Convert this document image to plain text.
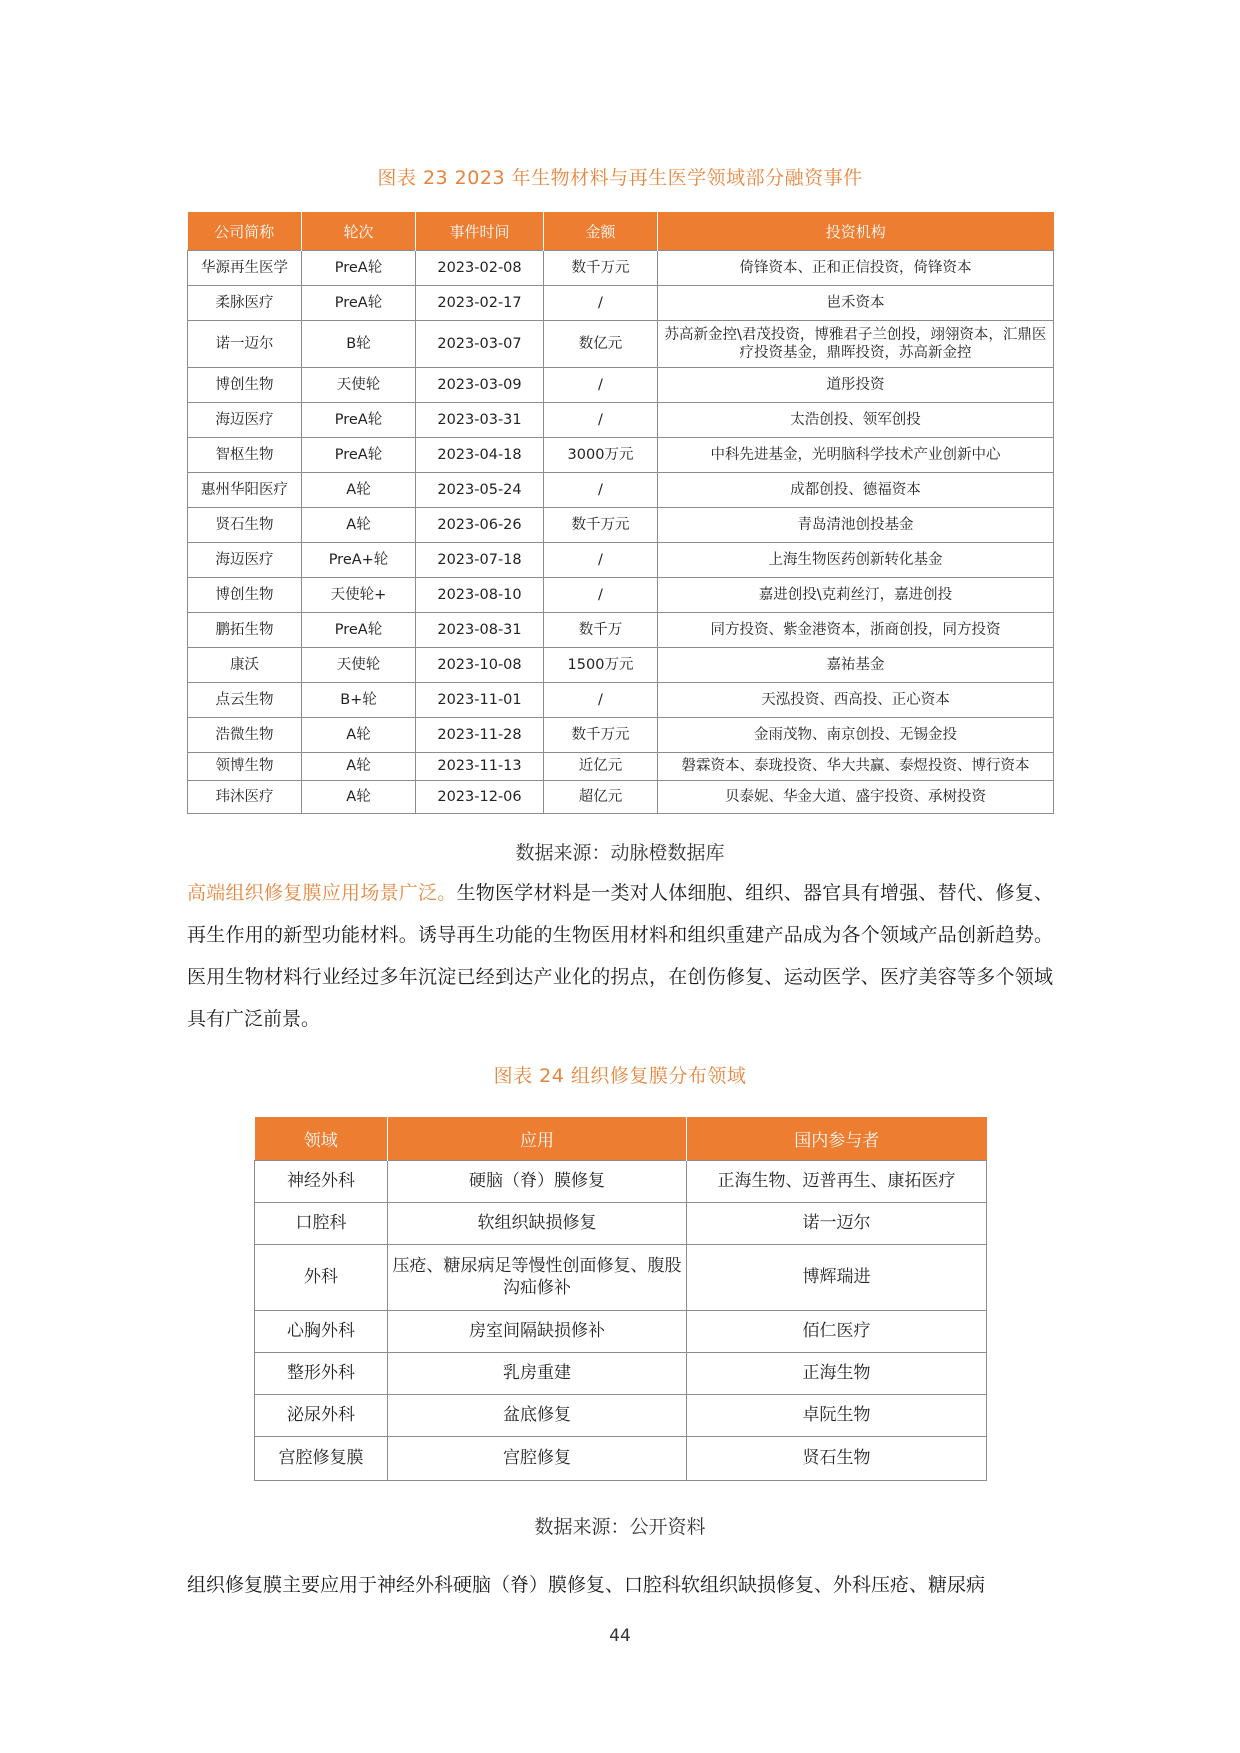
图表 23 2023 年生物材料与再生医学领域部分融资事件
公司简称	轮次	事件时间	金额	投资机构
华源再生医学	PreA轮	2023-02-08	数千万元	倚锋资本、正和正信投资，倚锋资本
柔脉医疗	PreA轮	2023-02-17	/	岜禾资本
诺一迈尔	B轮	2023-03-07	数亿元	苏高新金控\君茂投资，博雅君子兰创投，翊翎资本，汇鼎医疗投资基金，鼎晖投资，苏高新金控
博创生物	天使轮	2023-03-09	/	道彤投资
海迈医疗	PreA轮	2023-03-31	/	太浩创投、领军创投
智枢生物	PreA轮	2023-04-18	3000万元	中科先进基金，光明脑科学技术产业创新中心
惠州华阳医疗	A轮	2023-05-24	/	成都创投、德福资本
贤石生物	A轮	2023-06-26	数千万元	青岛清池创投基金
海迈医疗	PreA+轮	2023-07-18	/	上海生物医药创新转化基金
博创生物	天使轮+	2023-08-10	/	嘉进创投\克莉丝汀，嘉进创投
鹏拓生物	PreA轮	2023-08-31	数千万	同方投资、紫金港资本，浙商创投，同方投资
康沃	天使轮	2023-10-08	1500万元	嘉祐基金
点云生物	B+轮	2023-11-01	/	天泓投资、西高投、正心资本
浩微生物	A轮	2023-11-28	数千万元	金雨茂物、南京创投、无锡金投
领博生物	A轮	2023-11-13	近亿元	磐霖资本、泰珑投资、华大共赢、泰煜投资、博行资本
玮沐医疗	A轮	2023-12-06	超亿元	贝泰妮、华金大道、盛宇投资、承树投资
数据来源：动脉橙数据库
高端组织修复膜应用场景广泛。生物医学材料是一类对人体细胞、组织、器官具有增强、替代、修复、再生作用的新型功能材料。诱导再生功能的生物医用材料和组织重建产品成为各个领域产品创新趋势。医用生物材料行业经过多年沉淀已经到达产业化的拐点，在创伤修复、运动医学、医疗美容等多个领域具有广泛前景。
图表 24 组织修复膜分布领域
领域	应用	国内参与者
神经外科	硬脑（脊）膜修复	正海生物、迈普再生、康拓医疗
口腔科	软组织缺损修复	诺一迈尔
外科	压疮、糖尿病足等慢性创面修复、腹股沟疝修补	博辉瑞进
心胸外科	房室间隔缺损修补	佰仁医疗
整形外科	乳房重建	正海生物
泌尿外科	盆底修复	卓阮生物
宫腔修复膜	宫腔修复	贤石生物
数据来源：公开资料
组织修复膜主要应用于神经外科硬脑（脊）膜修复、口腔科软组织缺损修复、外科压疮、糖尿病
44
